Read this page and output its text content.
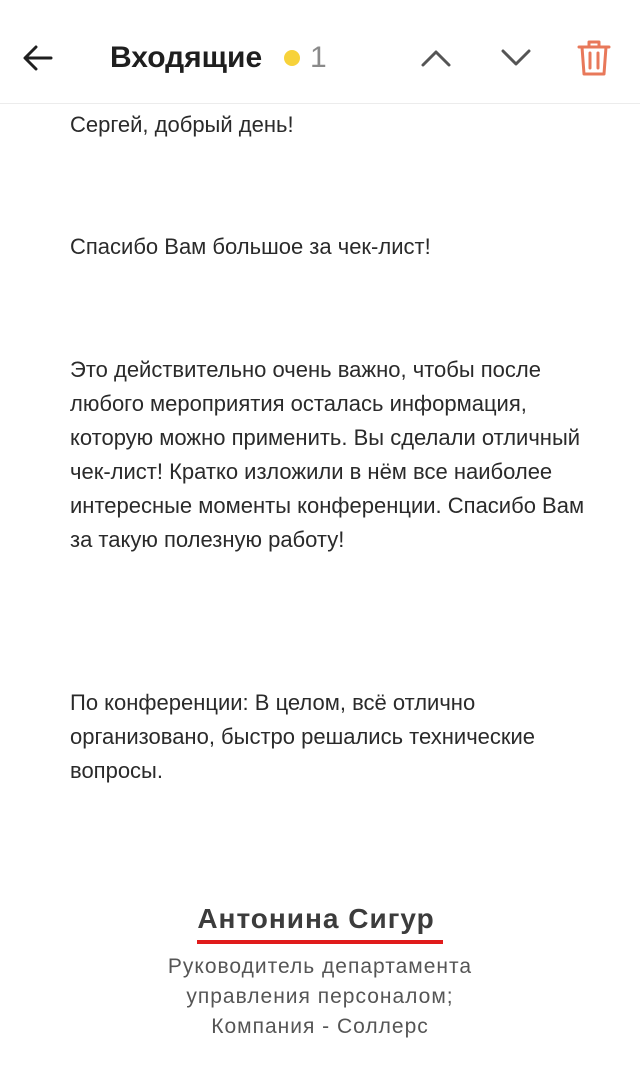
Входящие 1

Сергей, добрый день!

Спасибо Вам большое за чек-лист!

Это действительно очень важно, чтобы после любого мероприятия осталась информация, которую можно применить. Вы сделали отличный чек-лист! Кратко изложили в нём все наиболее интересные моменты конференции. Спасибо Вам за такую полезную работу!

По конференции: В целом, всё отлично организовано, быстро решались технические вопросы.

Антонина Сигур
Руководитель департамента
управления персоналом;
Компания - Соллерс
